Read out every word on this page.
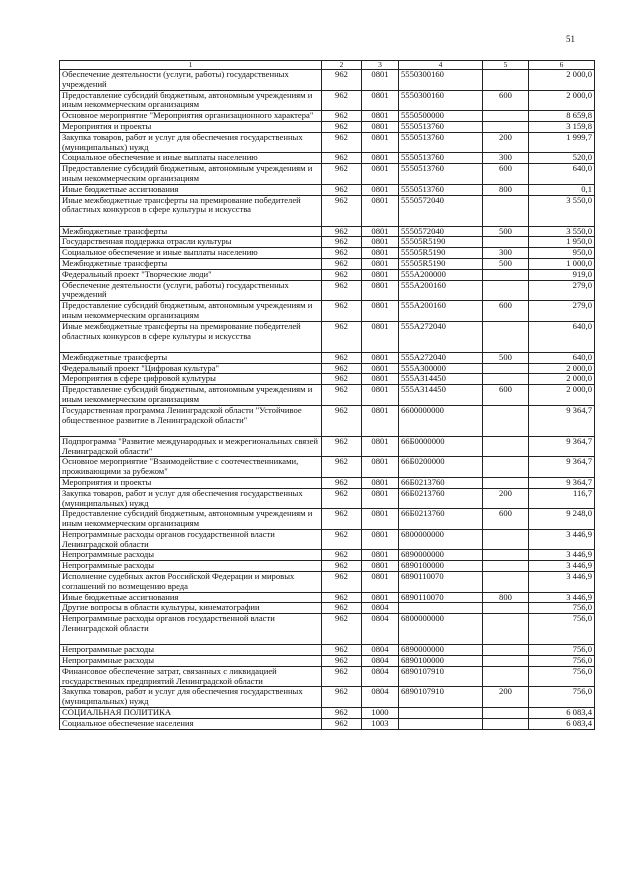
51
1	2	3	4	5	6
Обеспечение деятельности (услуги, работы) государственных учреждений	962	0801	5550300160		2 000,0
Предоставление субсидий бюджетным, автономным учреждениям и иным некоммерческим организациям	962	0801	5550300160	600	2 000,0
Основное мероприятие "Мероприятия организационного характера"	962	0801	5550500000		8 659,8
Мероприятия и проекты	962	0801	5550513760		3 159,8
Закупка товаров, работ и услуг для обеспечения государственных (муниципальных) нужд	962	0801	5550513760	200	1 999,7
Социальное обеспечение и иные выплаты населению	962	0801	5550513760	300	520,0
Предоставление субсидий бюджетным, автономным учреждениям и иным некоммерческим организациям	962	0801	5550513760	600	640,0
Иные бюджетные ассигнования	962	0801	5550513760	800	0,1
Иные межбюджетные трансферты на премирование победителей областных конкурсов в сфере культуры и искусства	962	0801	5550572040		3 550,0
Межбюджетные трансферты	962	0801	5550572040	500	3 550,0
Государственная поддержка отрасли культуры	962	0801	55505R5190		1 950,0
Социальное обеспечение и иные выплаты населению	962	0801	55505R5190	300	950,0
Межбюджетные трансферты	962	0801	55505R5190	500	1 000,0
Федеральный проект "Творческие люди"	962	0801	555A200000		919,0
Обеспечение деятельности (услуги, работы) государственных учреждений	962	0801	555A200160		279,0
Предоставление субсидий бюджетным, автономным учреждениям и иным некоммерческим организациям	962	0801	555A200160	600	279,0
Иные межбюджетные трансферты на премирование победителей областных конкурсов в сфере культуры и искусства	962	0801	555A272040		640,0
Межбюджетные трансферты	962	0801	555A272040	500	640,0
Федеральный проект "Цифровая культура"	962	0801	555A300000		2 000,0
Мероприятия в сфере цифровой культуры	962	0801	555A314450		2 000,0
Предоставление субсидий бюджетным, автономным учреждениям и иным некоммерческим организациям	962	0801	555A314450	600	2 000,0
Государственная программа Ленинградской области "Устойчивое общественное развитие в Ленинградской области"	962	0801	6600000000		9 364,7
Подпрограмма "Развитие международных и межрегиональных связей Ленинградской области"	962	0801	66Б0000000		9 364,7
Основное мероприятие "Взаимодействие с соотечественниками, проживающими за рубежом"	962	0801	66Б0200000		9 364,7
Мероприятия и проекты	962	0801	66Б0213760		9 364,7
Закупка товаров, работ и услуг для обеспечения государственных (муниципальных) нужд	962	0801	66Б0213760	200	116,7
Предоставление субсидий бюджетным, автономным учреждениям и иным некоммерческим организациям	962	0801	66Б0213760	600	9 248,0
Непрограммные расходы органов государственной власти Ленинградской области	962	0801	6800000000		3 446,9
Непрограммные расходы	962	0801	6890000000		3 446,9
Непрограммные расходы	962	0801	6890100000		3 446,9
Исполнение судебных актов Российской Федерации и мировых соглашений по возмещению вреда	962	0801	6890110070		3 446,9
Иные бюджетные ассигнования	962	0801	6890110070	800	3 446,9
Другие вопросы в области культуры, кинематографии	962	0804			756,0
Непрограммные расходы органов государственной власти Ленинградской области	962	0804	6800000000		756,0
Непрограммные расходы	962	0804	6890000000		756,0
Непрограммные расходы	962	0804	6890100000		756,0
Финансовое обеспечение затрат, связанных с ликвидацией государственных предприятий Ленинградской области	962	0804	6890107910		756,0
Закупка товаров, работ и услуг для обеспечения государственных (муниципальных) нужд	962	0804	6890107910	200	756,0
СОЦИАЛЬНАЯ ПОЛИТИКА	962	1000			6 083,4
Социальное обеспечение населения	962	1003			6 083,4
